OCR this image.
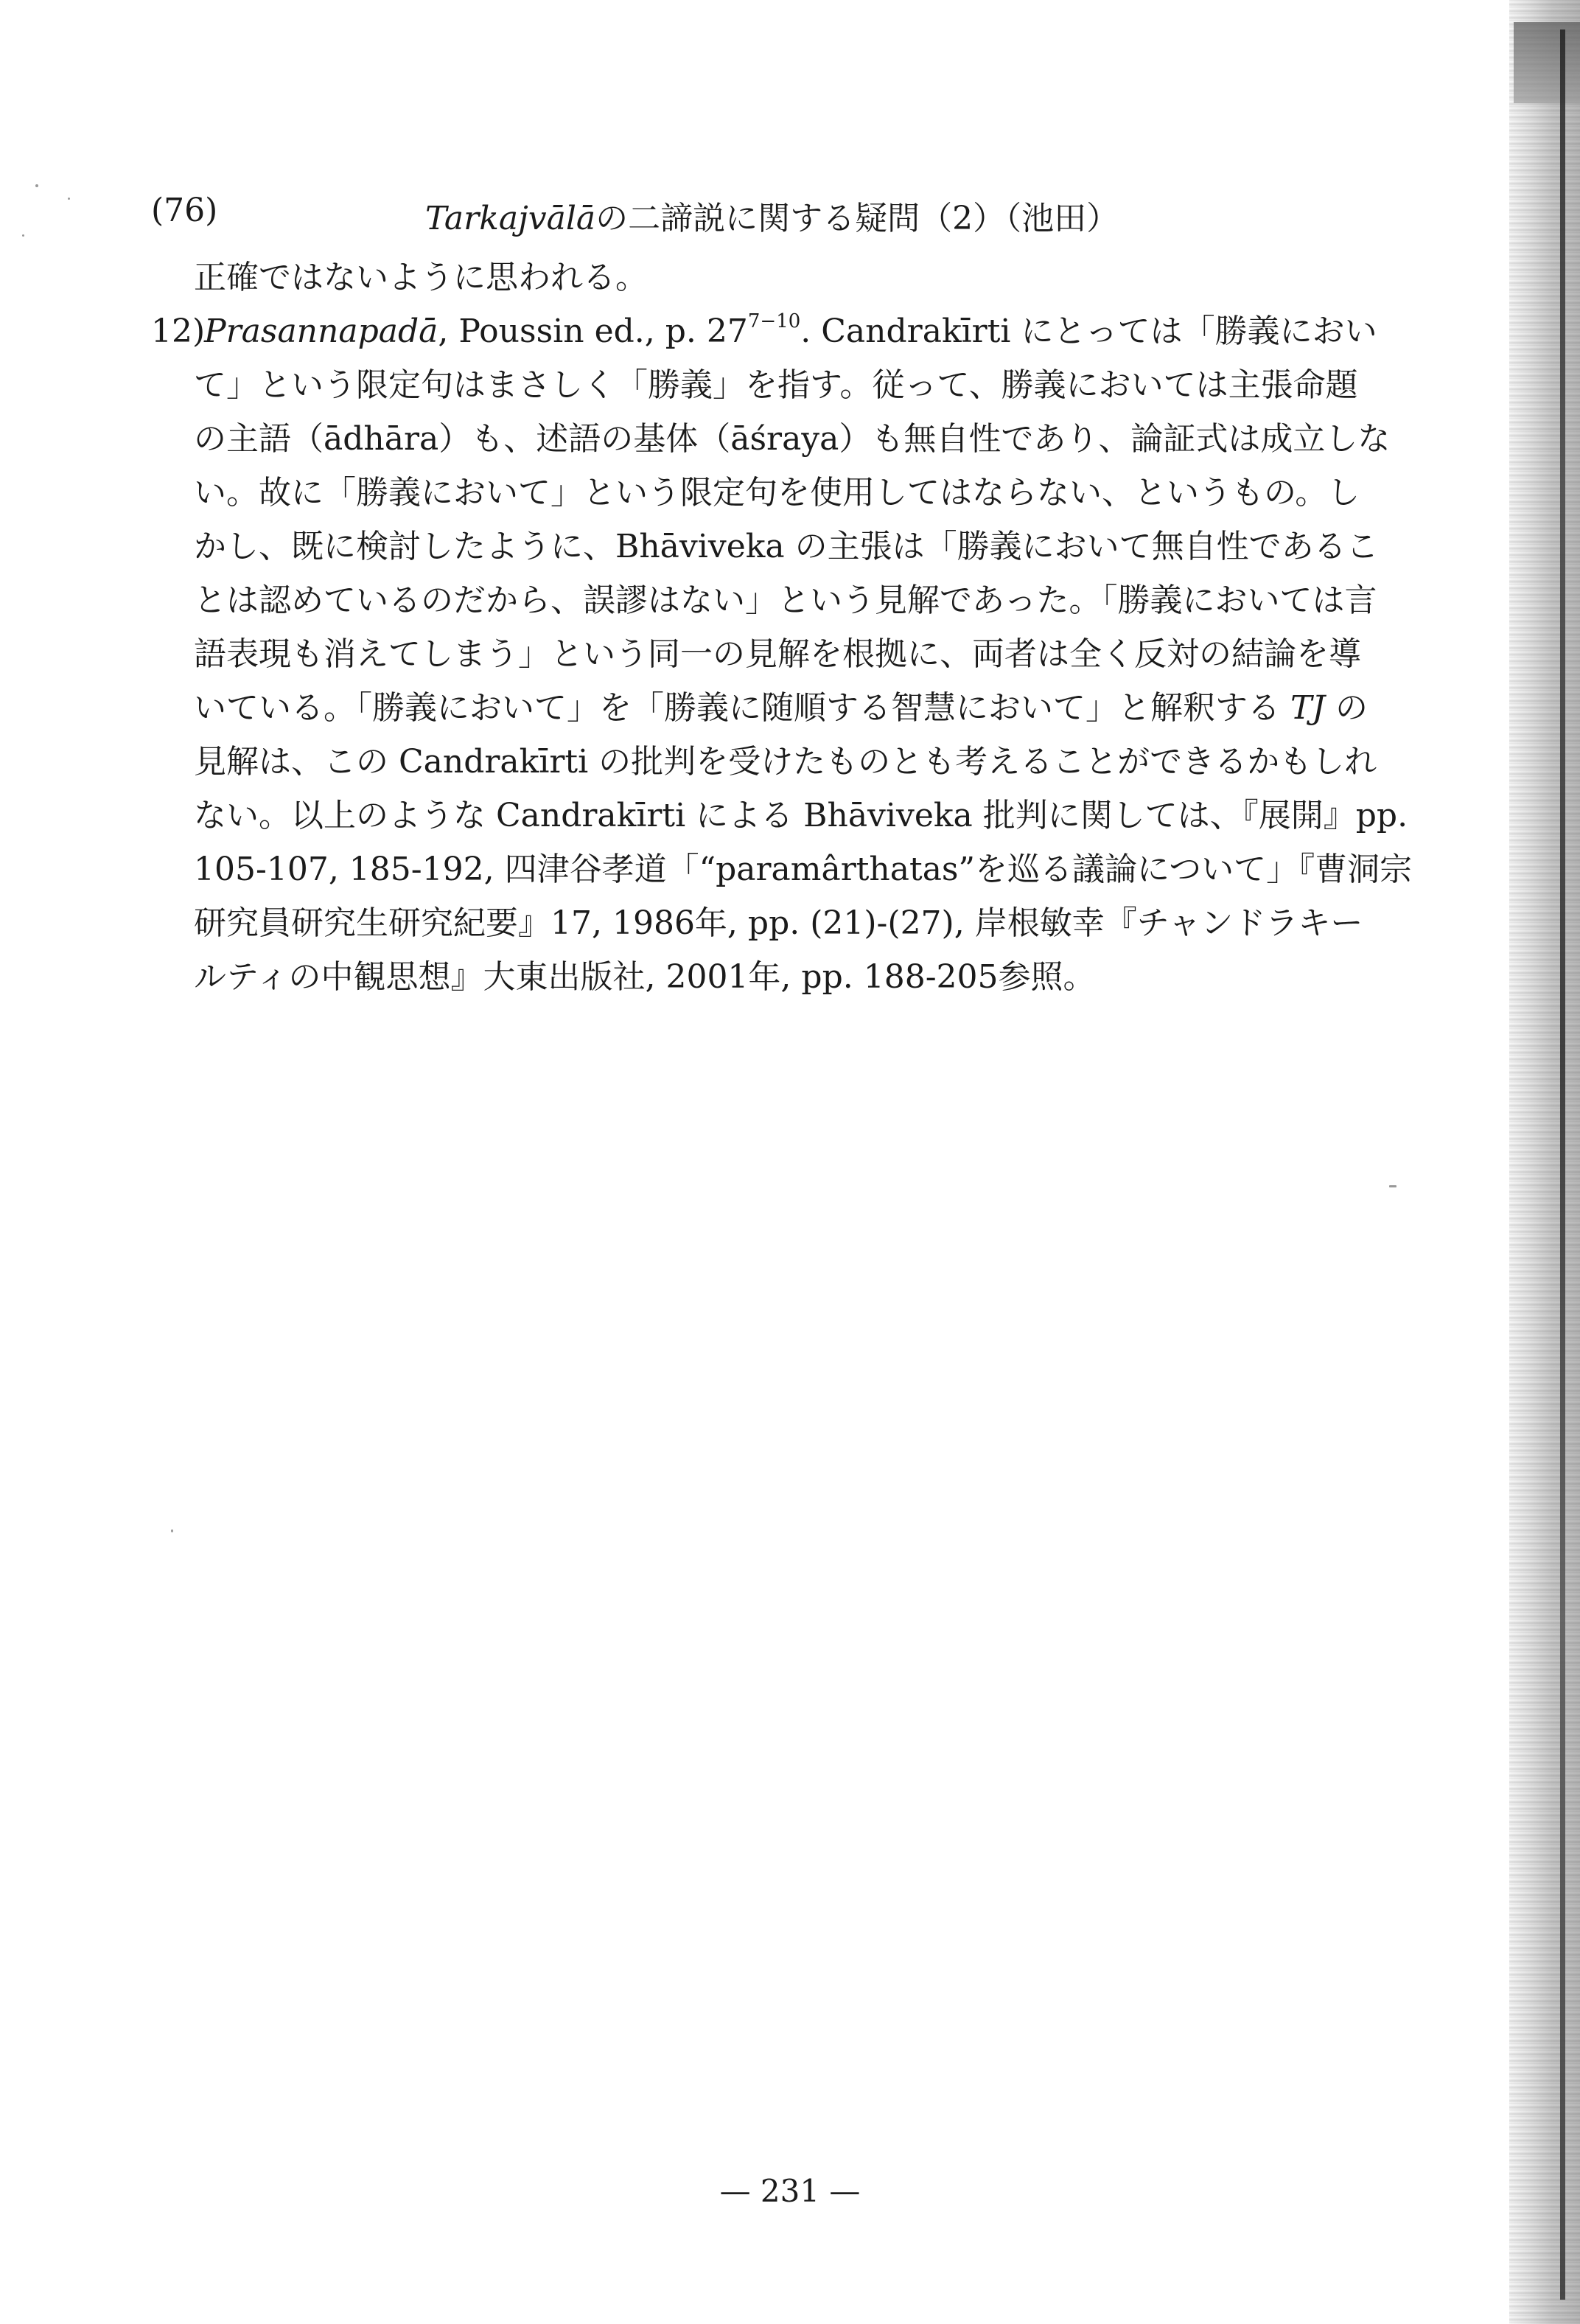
(76)	Tarkajvālāの二諦説に関する疑問（2）（池田）
正確ではないように思われる。
12) Prasannapadā, Poussin ed., p. $27^{7-10}$. Candrakīrti にとっては「勝義におい
て」という限定句はまさしく「勝義」を指す。従って、勝義においては主張命題
の主語（ādhāra）も、述語の基体（āśraya）も無自性であり、論証式は成立しな
い。故に「勝義において」という限定句を使用してはならない、というもの。し
かし、既に検討したように、Bhāviveka の主張は「勝義において無自性であるこ
とは認めているのだから、誤謬はない」という見解であった。「勝義においては言
語表現も消えてしまう」という同一の見解を根拠に、両者は全く反対の結論を導
いている。「勝義において」を「勝義に随順する智慧において」と解釈する TJ の
見解は、この Candrakīrti の批判を受けたものとも考えることができるかもしれ
ない。以上のような Candrakīrti による Bhāviveka 批判に関しては、『展開』pp.
105-107, 185-192, 四津谷孝道「“paramârthatas”を巡る議論について」『曹洞宗
研究員研究生研究紀要』17, 1986年, pp. (21)-(27), 岸根敏幸『チャンドラキー
ルティの中観思想』大東出版社, 2001年, pp. 188-205参照。
— 231 —
